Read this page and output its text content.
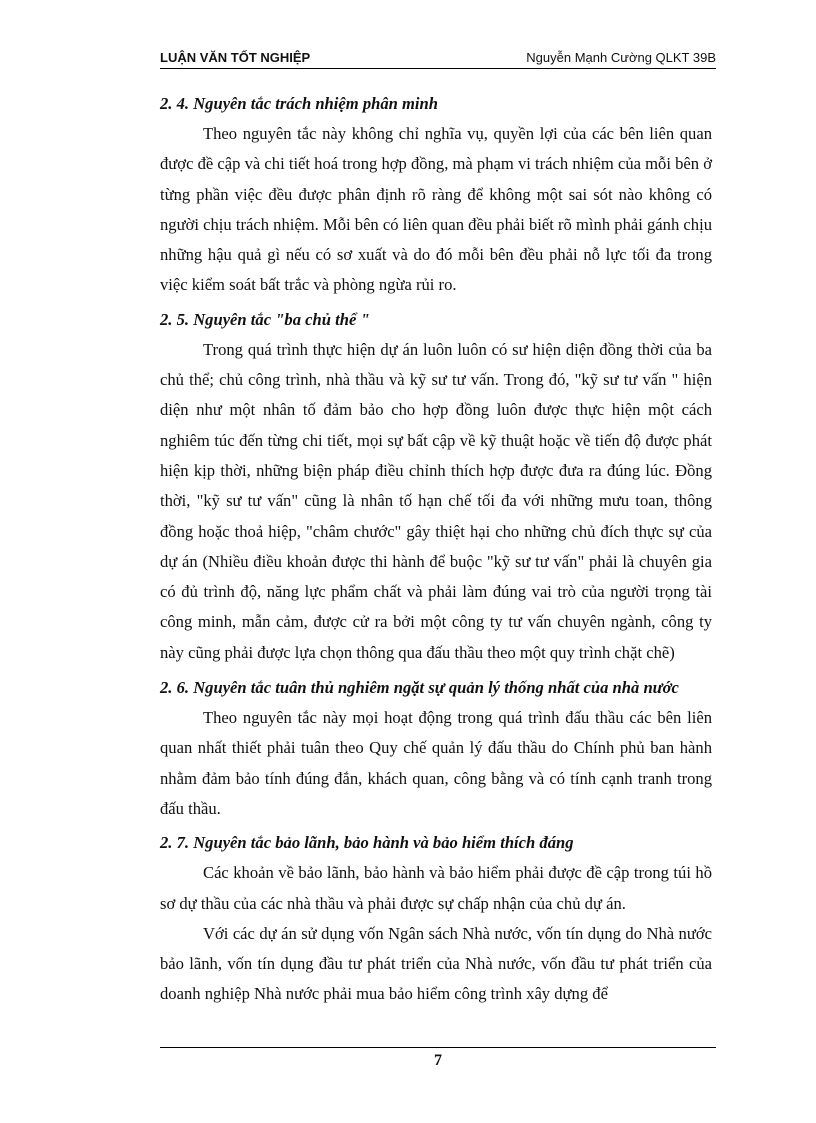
LUẬN VĂN TỐT NGHIỆP	Nguyễn Mạnh Cường QLKT 39B
2. 4. Nguyên tắc trách nhiệm phân minh

Theo nguyên tắc này không chỉ nghĩa vụ, quyền lợi của các bên liên quan được đề cập và chi tiết hoá trong hợp đồng, mà phạm vi trách nhiệm của mỗi bên ở từng phần việc đều được phân định rõ ràng để không một sai sót nào không có người chịu trách nhiệm. Mỗi bên có liên quan đều phải biết rõ mình phải gánh chịu những hậu quả gì nếu có sơ xuất và do đó mỗi bên đều phải nỗ lực tối đa trong việc kiểm soát bất trắc và phòng ngừa rủi ro.

2. 5. Nguyên tắc "ba chủ thể "

Trong quá trình thực hiện dự án luôn luôn có sư hiện diện đồng thời của ba chủ thể; chủ công trình, nhà thầu và kỹ sư tư vấn. Trong đó, "kỹ sư tư vấn " hiện diện như một nhân tố đảm bảo cho hợp đồng luôn được thực hiện một cách nghiêm túc đến từng chi tiết, mọi sự bất cập về kỹ thuật hoặc về tiến độ được phát hiện kịp thời, những biện pháp điều chỉnh thích hợp được đưa ra đúng lúc. Đồng thời, "kỹ sư tư vấn" cũng là nhân tố hạn chế tối đa với những mưu toan, thông đồng hoặc thoả hiệp, "châm chước" gây thiệt hại cho những chủ đích thực sự của dự án (Nhiều điều khoản được thi hành để buộc "kỹ sư tư vấn" phải là chuyên gia có đủ trình độ, năng lực phẩm chất và phải làm đúng vai trò của người trọng tài công minh, mẫn cảm, được cử ra bởi một công ty tư vấn chuyên ngành, công ty này cũng phải được lựa chọn thông qua đấu thầu theo một quy trình chặt chẽ)

2. 6. Nguyên tắc tuân thủ nghiêm ngặt sự quản lý thống nhất của nhà nước

Theo nguyên tắc này mọi hoạt động trong quá trình đấu thầu các bên liên quan nhất thiết phải tuân theo Quy chế quản lý đấu thầu do Chính phủ ban hành nhằm đảm bảo tính đúng đắn, khách quan, công bằng và có tính cạnh tranh trong đấu thầu.

2. 7. Nguyên tắc bảo lãnh, bảo hành và bảo hiểm thích đáng

Các khoản về bảo lãnh, bảo hành và bảo hiểm phải được đề cập trong túi hồ sơ dự thầu của các nhà thầu và phải được sự chấp nhận của chủ dự án.

Với các dự án sử dụng vốn Ngân sách Nhà nước, vốn tín dụng do Nhà nước bảo lãnh, vốn tín dụng đầu tư phát triển của Nhà nước, vốn đầu tư phát triển của doanh nghiệp Nhà nước phải mua bảo hiểm công trình xây dựng để

7
